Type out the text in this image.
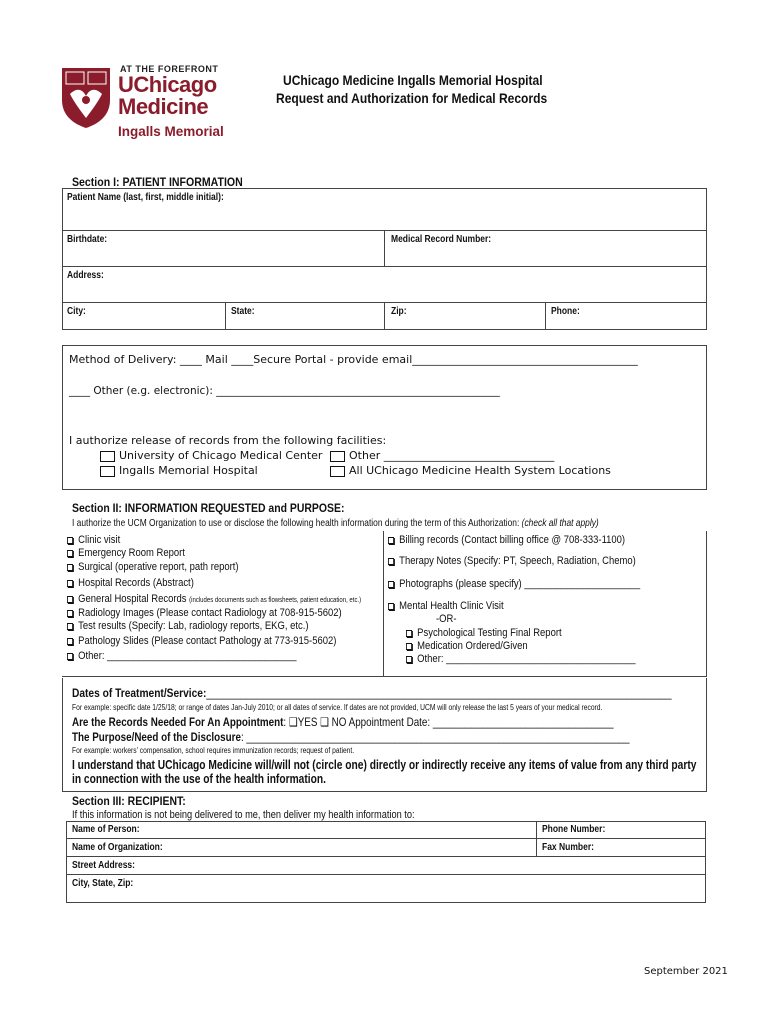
AT THE FOREFRONT
UChicago
Medicine
Ingalls Memorial
UChicago Medicine Ingalls Memorial Hospital
Request and Authorization for Medical Records
Section I: PATIENT INFORMATION
Patient Name (last, first, middle initial):
Birthdate:	Medical Record Number:
Address:
City:	State:	Zip:	Phone:
Method of Delivery: ____ Mail ____Secure Portal - provide email_________________________________________
____ Other (e.g. electronic): ______________________________________________________
I authorize release of records from the following facilities:
University of Chicago Medical Center
Ingalls Memorial Hospital
Other _______________________________
All UChicago Medicine Health System Locations
Section II: INFORMATION REQUESTED and PURPOSE:
I authorize the UCM Organization to use or disclose the following health information during the term of this Authorization: (check all that apply)
Clinic visit
Emergency Room Report
Surgical (operative report, path report)
Hospital Records (Abstract)
General Hospital Records (includes documents such as flowsheets, patient education, etc.)
Radiology Images (Please contact Radiology at 708-915-5602)
Test results (Specify: Lab, radiology reports, EKG, etc.)
Pathology Slides (Please contact Pathology at 773-915-5602)
Other: ____________________________________
Billing records (Contact billing office @ 708-333-1100)
Therapy Notes (Specify: PT, Speech, Radiation, Chemo)
Photographs (please specify) ______________________
Mental Health Clinic Visit
-OR-
Psychological Testing Final Report
Medication Ordered/Given
Other: ____________________________________
Dates of Treatment/Service:__________________________________________________________________________________
For example: specific date 1/25/18; or range of dates Jan-July 2010; or all dates of service. If dates are not provided, UCM will only release the last 5 years of your medical record.
Are the Records Needed For An Appointment: ❑YES ❑ NO Appointment Date: _________________________________
The Purpose/Need of the Disclosure: ______________________________________________________________________
For example: workers' compensation, school requires immunization records; request of patient.
I understand that UChicago Medicine will/will not (circle one) directly or indirectly receive any items of value from any third party
in connection with the use of the health information.
Section III: RECIPIENT:
If this information is not being delivered to me, then deliver my health information to:
Name of Person:	Phone Number:
Name of Organization:	Fax Number:
Street Address:
City, State, Zip:
September 2021
